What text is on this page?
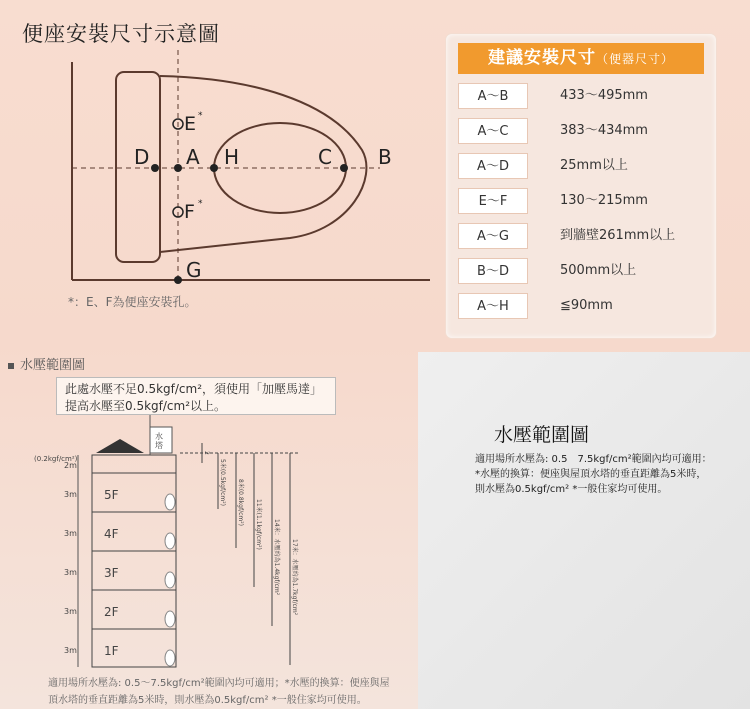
便座安裝尺寸示意圖
D A H	C B
E *
F *
G
*：E、F為便座安裝孔。
建議安裝尺寸（便器尺寸）
A〜B	433〜495mm
A〜C	383〜434mm
A〜D	25mm以上
E〜F	130〜215mm
A〜G	到牆壁261mm以上
B〜D	500mm以上
A〜H	≦90mm
水壓範圍圖
此處水壓不足0.5kgf/cm²，須使用「加壓馬達」
提高水壓至0.5kgf/cm²以上。
水
塔
5F
4F
3F
2F
1F
(0.2kgf/cm²)
2m
3m
3m
3m
3m
3m
2
5米(0.5kgf/cm²) 8米(0.8kgf/cm²) 11米(1.1kgf/cm²) 14米：水壓約為1.4kgf/cm² 17米：水壓約為1.7kgf/cm²
適用場所水壓為: 0.5〜7.5kgf/cm²範圍內均可適用；*水壓的換算：便座與屋
頂水塔的垂直距離為5米時，則水壓為0.5kgf/cm² *一般住家均可使用。
水壓範圍圖
適用場所水壓為: 0.5　7.5kgf/cm²範圍內均可適用：
*水壓的換算：便座與屋頂水塔的垂直距離為5米時，
則水壓為0.5kgf/cm² *一般住家均可使用。
